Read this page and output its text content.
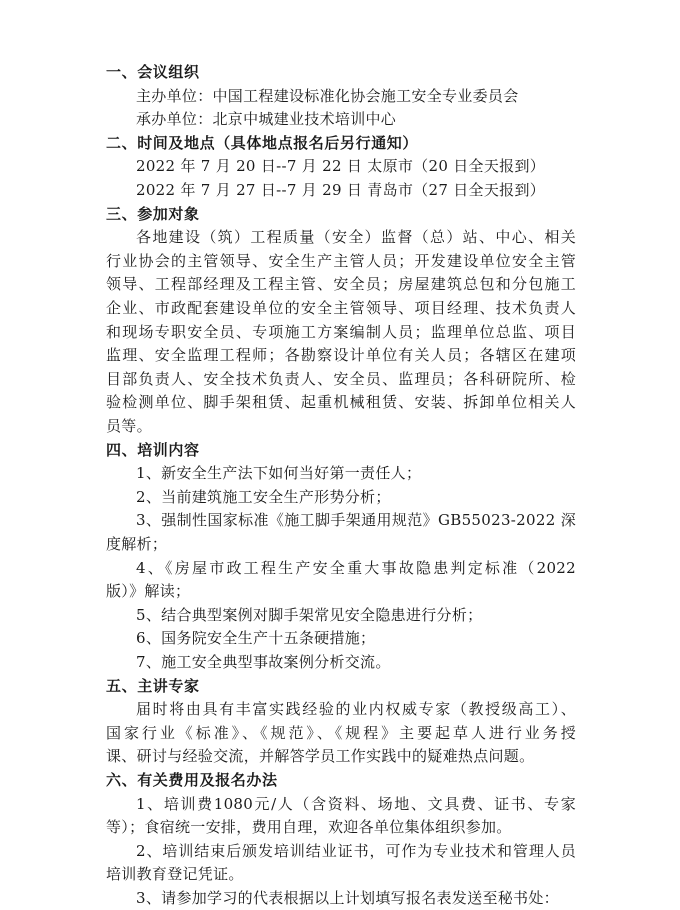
一、会议组织
主办单位：中国工程建设标准化协会施工安全专业委员会
承办单位：北京中城建业技术培训中心
二、时间及地点（具体地点报名后另行通知）
2022 年 7 月 20 日--7 月 22 日 太原市（20 日全天报到）
2022 年 7 月 27 日--7 月 29 日 青岛市（27 日全天报到）
三、参加对象
各地建设（筑）工程质量（安全）监督（总）站、中心、相关
行业协会的主管领导、安全生产主管人员；开发建设单位安全主管
领导、工程部经理及工程主管、安全员；房屋建筑总包和分包施工
企业、市政配套建设单位的安全主管领导、项目经理、技术负责人
和现场专职安全员、专项施工方案编制人员；监理单位总监、项目
监理、安全监理工程师；各勘察设计单位有关人员；各辖区在建项
目部负责人、安全技术负责人、安全员、监理员；各科研院所、检
验检测单位、脚手架租赁、起重机械租赁、安装、拆卸单位相关人
员等。
四、培训内容
1、新安全生产法下如何当好第一责任人；
2、当前建筑施工安全生产形势分析；
3、强制性国家标准《施工脚手架通用规范》GB55023-2022 深
度解析；
4、《房屋市政工程生产安全重大事故隐患判定标准（2022
版）》解读；
5、结合典型案例对脚手架常见安全隐患进行分析；
6、国务院安全生产十五条硬措施；
7、施工安全典型事故案例分析交流。
五、主讲专家
届时将由具有丰富实践经验的业内权威专家（教授级高工）、
国家行业《标准》、《规范》、《规程》主要起草人进行业务授
课、研讨与经验交流，并解答学员工作实践中的疑难热点问题。
六、有关费用及报名办法
1、培训费1080元/人（含资料、场地、文具费、证书、专家
等）；食宿统一安排，费用自理，欢迎各单位集体组织参加。
2、培训结束后颁发培训结业证书，可作为专业技术和管理人员
培训教育登记凭证。
3、请参加学习的代表根据以上计划填写报名表发送至秘书处：
